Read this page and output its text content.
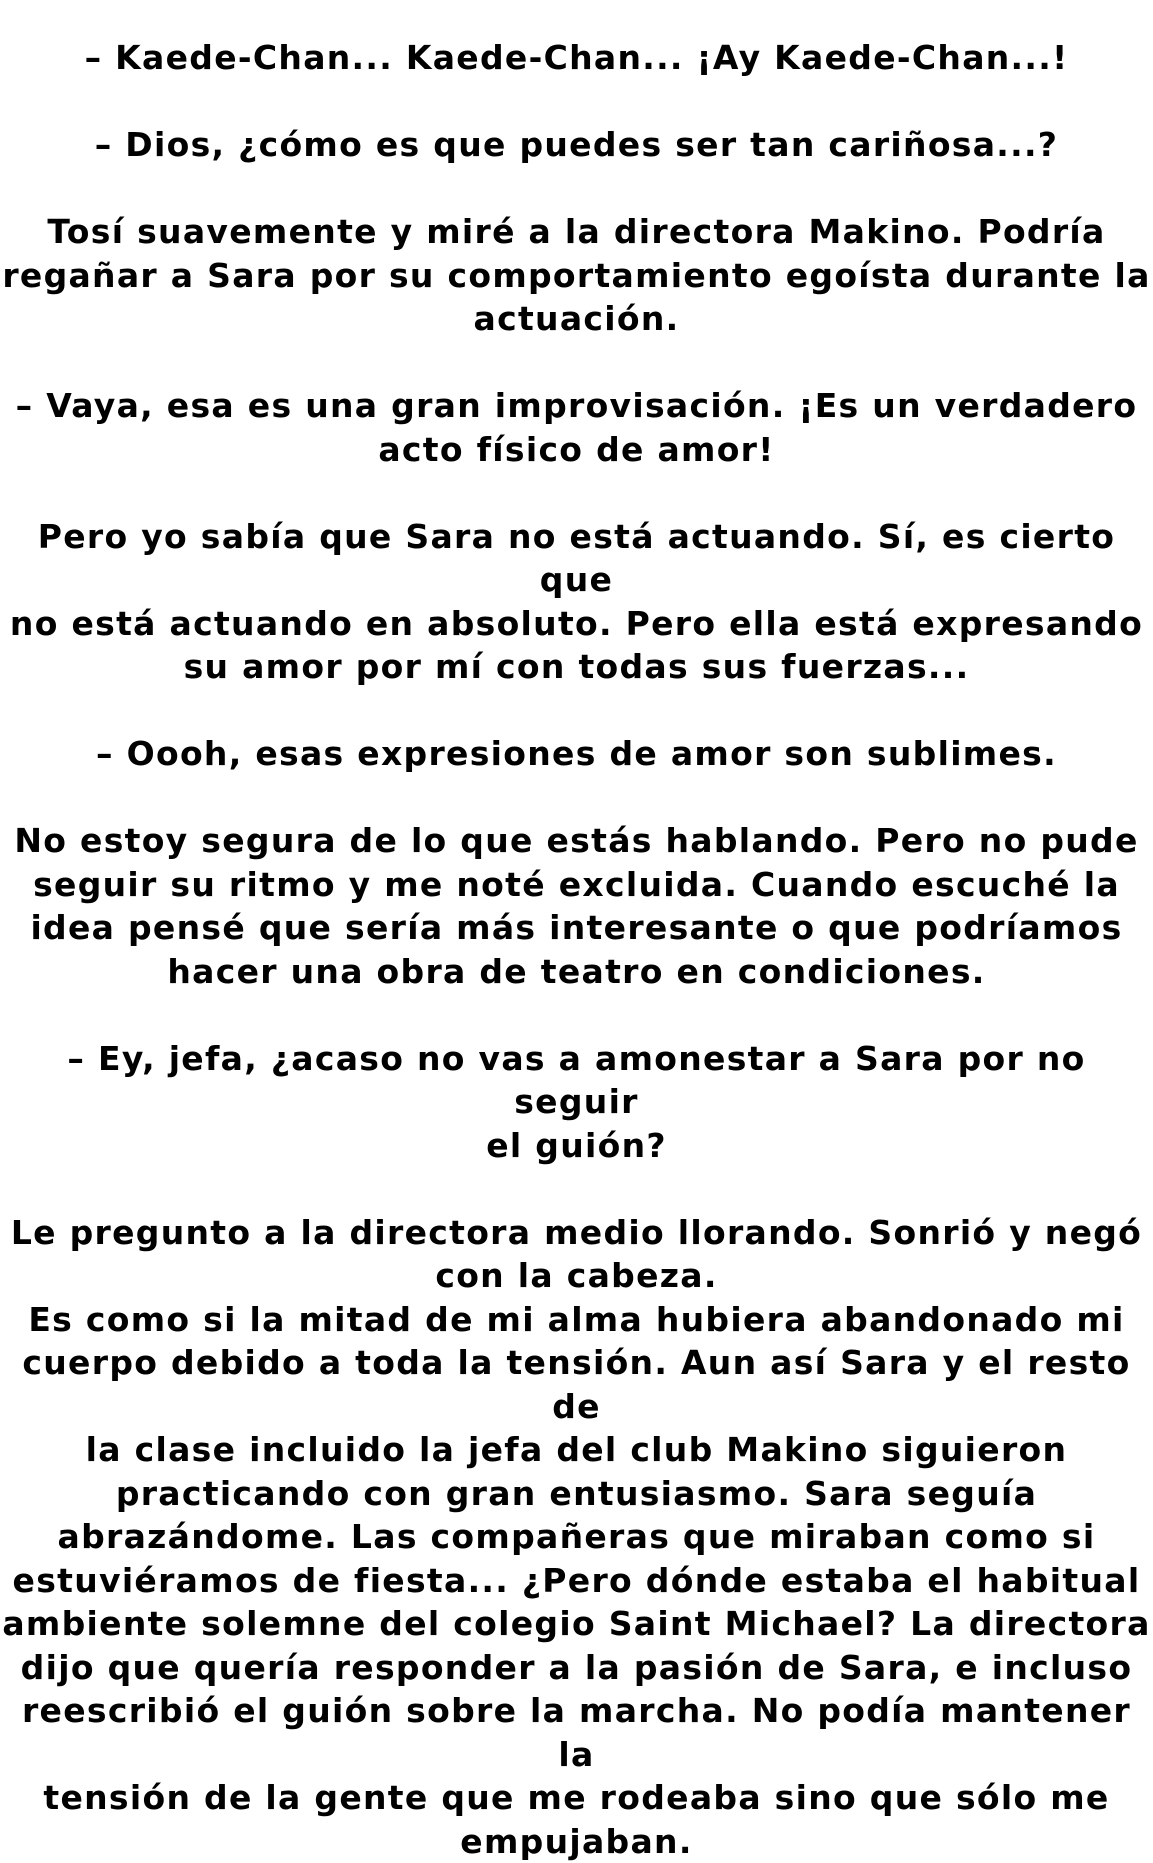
– Kaede-Chan... Kaede-Chan... ¡Ay Kaede-Chan...!

– Dios, ¿cómo es que puedes ser tan cariñosa...?

Tosí suavemente y miré a la directora Makino. Podría
regañar a Sara por su comportamiento egoísta durante la
actuación.

– Vaya, esa es una gran improvisación. ¡Es un verdadero
acto físico de amor!

Pero yo sabía que Sara no está actuando. Sí, es cierto que
no está actuando en absoluto. Pero ella está expresando
su amor por mí con todas sus fuerzas...

– Oooh, esas expresiones de amor son sublimes.

No estoy segura de lo que estás hablando. Pero no pude
seguir su ritmo y me noté excluida. Cuando escuché la
idea pensé que sería más interesante o que podríamos
hacer una obra de teatro en condiciones.

– Ey, jefa, ¿acaso no vas a amonestar a Sara por no seguir
el guión?

Le pregunto a la directora medio llorando. Sonrió y negó
con la cabeza.

Es como si la mitad de mi alma hubiera abandonado mi
cuerpo debido a toda la tensión. Aun así Sara y el resto de
la clase incluido la jefa del club Makino siguieron
practicando con gran entusiasmo. Sara seguía
abrazándome. Las compañeras que miraban como si
estuviéramos de fiesta... ¿Pero dónde estaba el habitual
ambiente solemne del colegio Saint Michael? La directora
dijo que quería responder a la pasión de Sara, e incluso
reescribió el guión sobre la marcha. No podía mantener la
tensión de la gente que me rodeaba sino que sólo me
empujaban.
